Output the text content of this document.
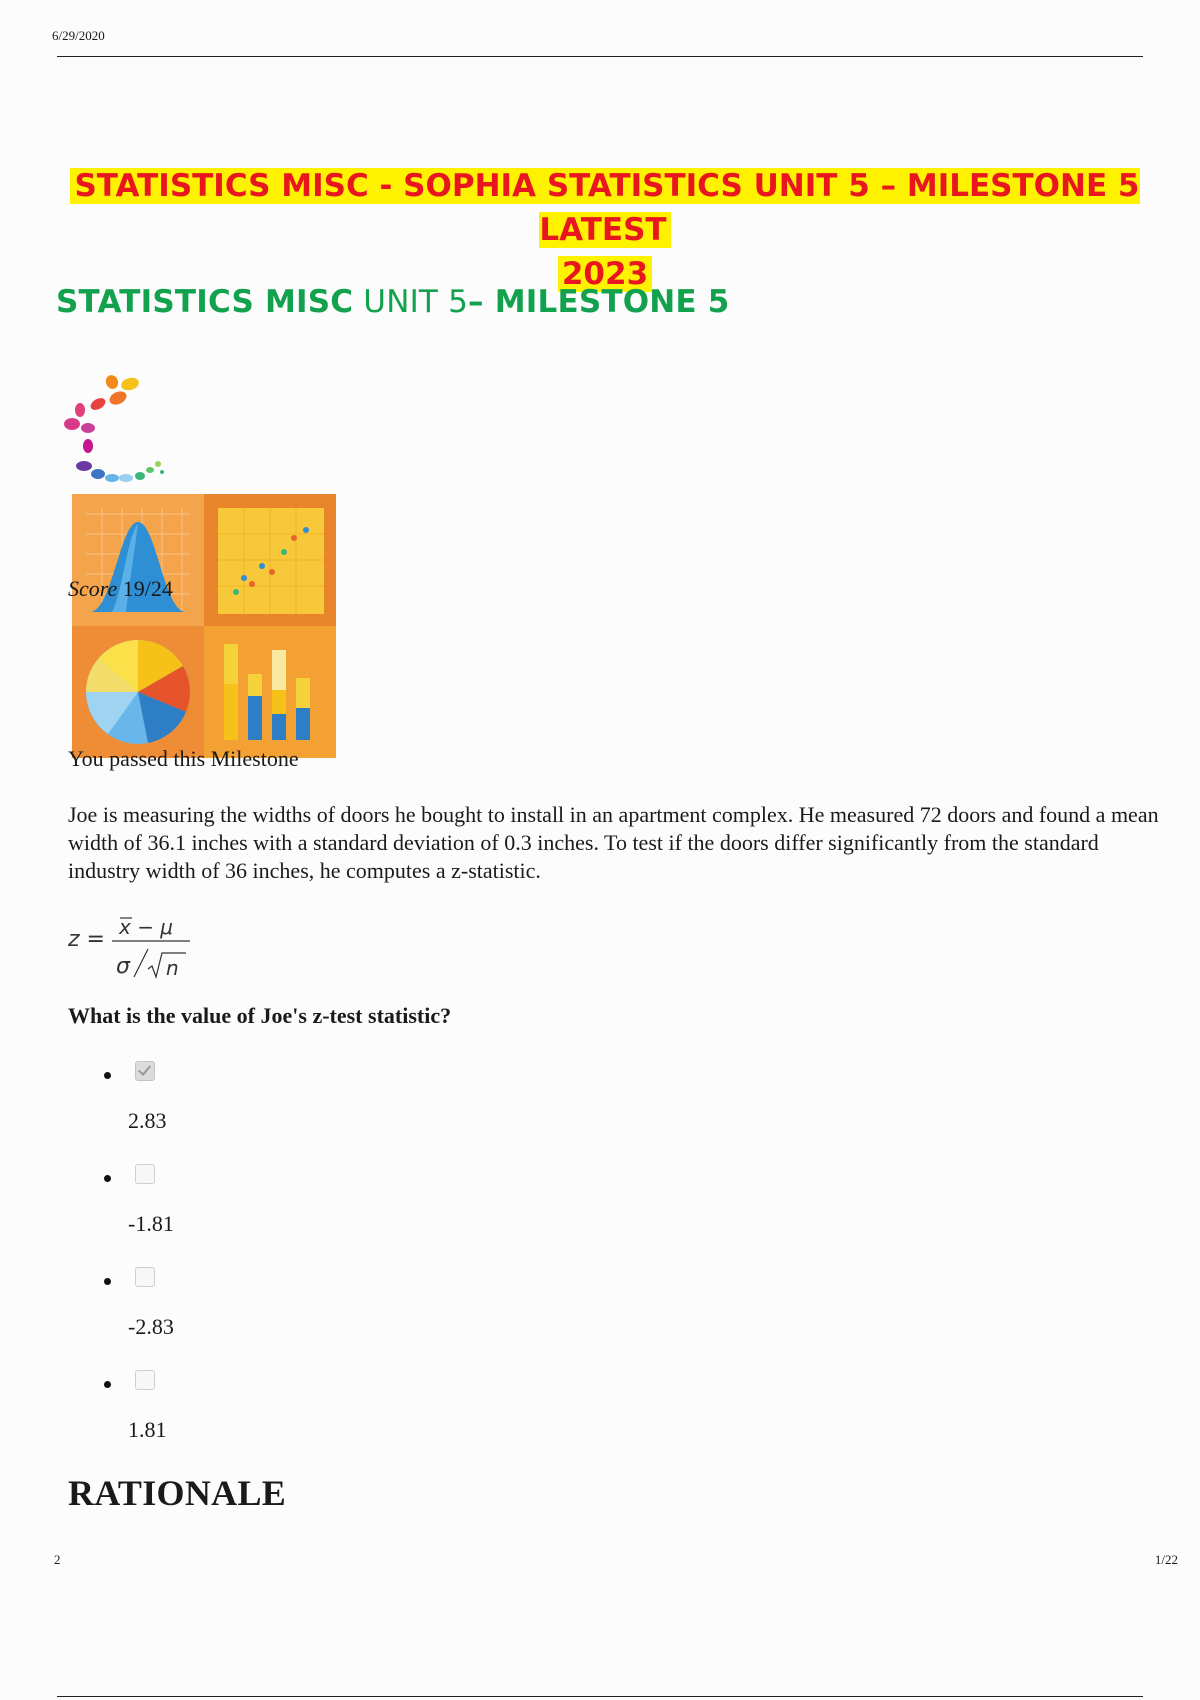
6/29/2020
STATISTICS MISC - SOPHIA STATISTICS UNIT 5 – MILESTONE 5 LATEST
2023
STATISTICS MISC UNIT 5– MILESTONE 5
Score 19/24
You passed this Milestone
Joe is measuring the widths of doors he bought to install in an apartment complex. He measured 72 doors and found a mean width of 36.1 inches with a standard deviation of 0.3 inches. To test if the doors differ significantly from the standard industry width of 36 inches, he computes a z-statistic.
z = x − μ
σ n
What is the value of Joe's z-test statistic?
2.83
-1.81
-2.83
1.81
RATIONALE
2	1/22
